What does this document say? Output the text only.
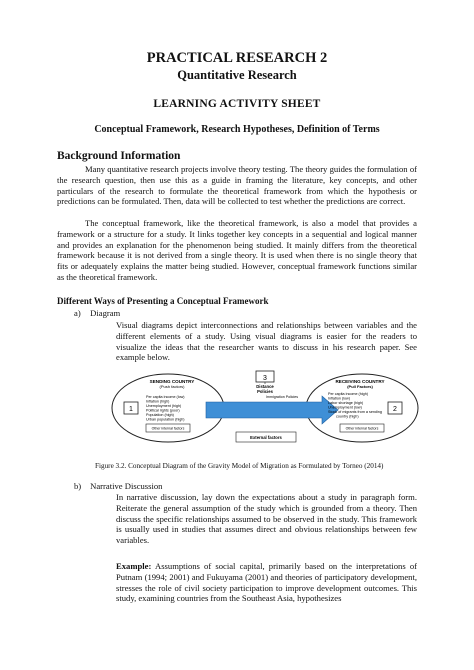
PRACTICAL RESEARCH 2
Quantitative Research
LEARNING ACTIVITY SHEET
Conceptual Framework, Research Hypotheses, Definition of Terms
Background Information
Many quantitative research projects involve theory testing. The theory guides the formulation of the research question, then use this as a guide in framing the literature, key concepts, and other particulars of the research to formulate the theoretical framework from which the hypothesis or predictions can be formulated. Then, data will be collected to test whether the predictions are correct.
The conceptual framework, like the theoretical framework, is also a model that provides a framework or a structure for a study. It links together key concepts in a sequential and logical manner and provides an explanation for the phenomenon being studied. It mainly differs from the theoretical framework because it is not derived from a single theory. It is used when there is no single theory that fits or adequately explains the matter being studied. However, conceptual framework functions similar as the theoretical framework.
Different Ways of Presenting a Conceptual Framework
a) Diagram
Visual diagrams depict interconnections and relationships between variables and the different elements of a study. Using visual diagrams is easier for the readers to visualize the ideas that the researcher wants to discuss in his research paper. See example below.
3
Distance
Policies
Immigration Policies
SENDING COUNTRY
(Push factors)
Per capita income (low)
Inflation (high)
Unemployment (high)
Political rights (poor)
Population (high)
Urban population (high)
1
Other internal factors
RECEIVING COUNTRY
(Pull Factors)
Per capita income (high)
Inflation (low)
Labor shortage (high)
Unemployment (low)
Stock of migrants from a sending
country (high)
2
Other internal factors
External factors
Figure 3.2. Conceptual Diagram of the Gravity Model of Migration as Formulated by Torneo (2014)
b) Narrative Discussion
In narrative discussion, lay down the expectations about a study in paragraph form. Reiterate the general assumption of the study which is grounded from a theory. Then discuss the specific relationships assumed to be observed in the study. This framework is usually used in studies that assumes direct and obvious relationships between few variables.
Example: Assumptions of social capital, primarily based on the interpretations of Putnam (1994; 2001) and Fukuyama (2001) and theories of participatory development, stresses the role of civil society participation to improve development outcomes. This study, examining countries from the Southeast Asia, hypothesizes
